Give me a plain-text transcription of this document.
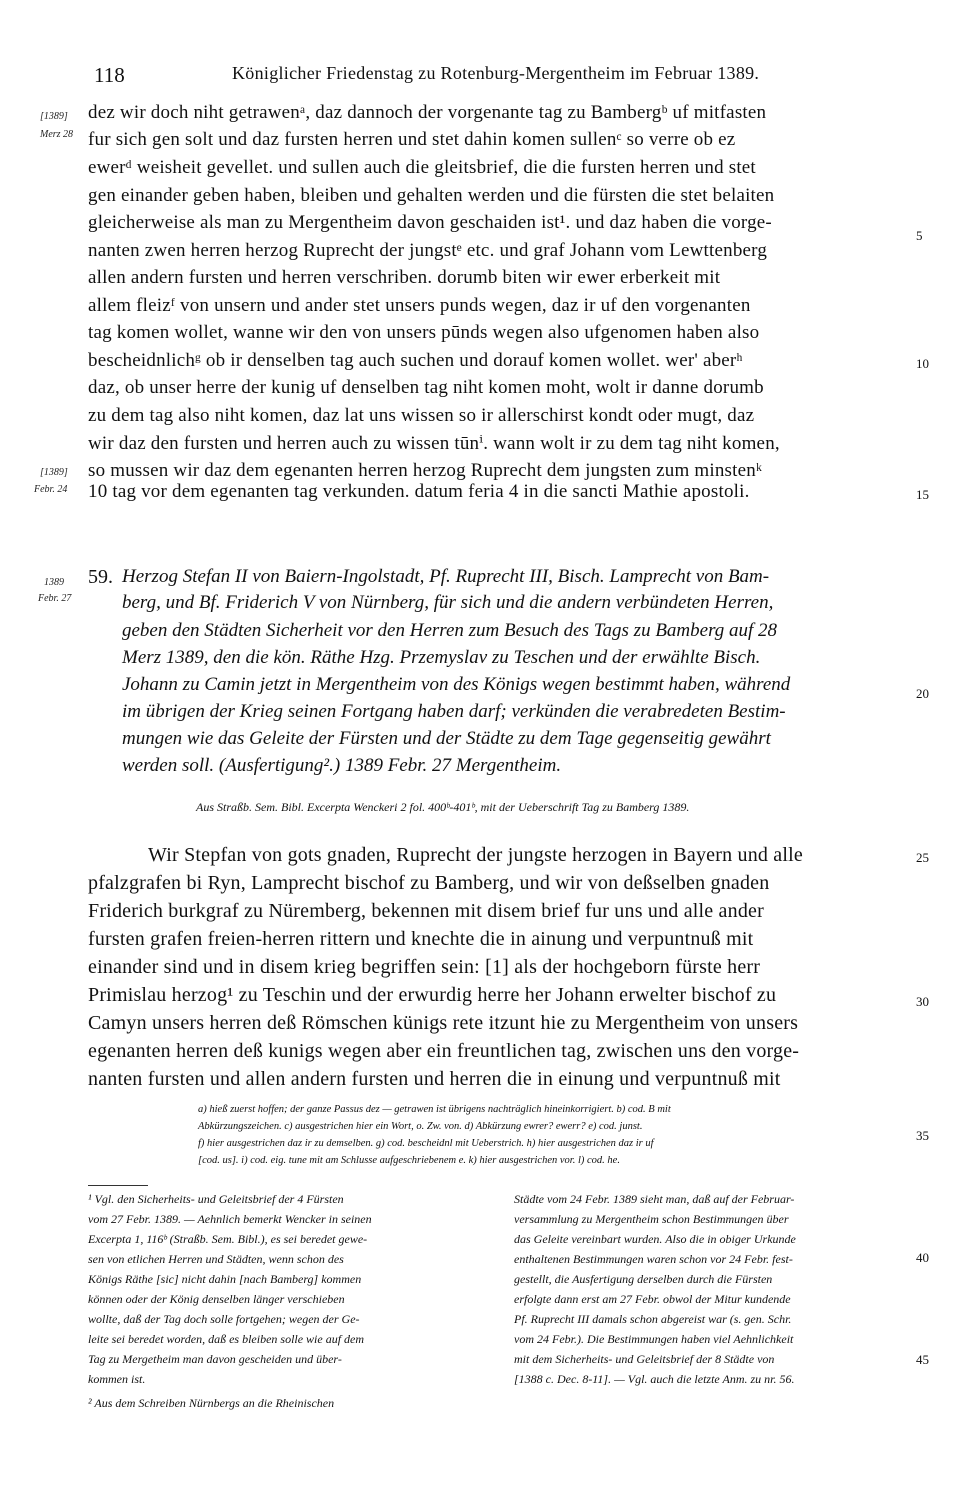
118	Königlicher Friedenstag zu Rotenburg-Mergentheim im Februar 1389.
[1389]
Merz 28
[1389]
Febr. 24
1389
Febr. 27
5
10
15
20
25
30
35
40
45
dez wir doch niht getrawenᵃ, daz dannoch der vorgenante tag zu Bambergᵇ uf mitfasten
fur sich gen solt und daz fursten herren und stet dahin komen sullenᶜ so verre ob ez
ewerᵈ weisheit gevellet. und sullen auch die gleitsbrief, die die fursten herren und stet
gen einander geben haben, bleiben und gehalten werden und die fürsten die stet belaiten
gleicherweise als man zu Mergentheim davon geschaiden ist¹. und daz haben die vorge-
nanten zwen herren herzog Ruprecht der jungstᵉ etc. und graf Johann vom Lewttenberg
allen andern fursten und herren verschriben. dorumb biten wir ewer erberkeit mit
allem fleizᶠ von unsern und ander stet unsers punds wegen, daz ir uf den vorgenanten
tag komen wollet, wanne wir den von unsers pūnds wegen also ufgenomen haben also
bescheidnlichᵍ ob ir denselben tag auch suchen und dorauf komen wollet. wer' aberʰ
daz, ob unser herre der kunig uf denselben tag niht komen moht, wolt ir danne dorumb
zu dem tag also niht komen, daz lat uns wissen so ir allerschirst kondt oder mugt, daz
wir daz den fursten und herren auch zu wissen tūnⁱ. wann wolt ir zu dem tag niht komen,
so mussen wir daz dem egenanten herren herzog Ruprecht dem jungsten zum minstenᵏ
10 tag vor dem egenanten tag verkunden. datum feria 4 in die sancti Mathie apostoli.
59. Herzog Stefan II von Baiern-Ingolstadt, Pf. Ruprecht III, Bisch. Lamprecht von Bam-
berg, und Bf. Friderich V von Nürnberg, für sich und die andern verbündeten Herren,
geben den Städten Sicherheit vor den Herren zum Besuch des Tags zu Bamberg auf 28
Merz 1389, den die kön. Räthe Hzg. Przemyslav zu Teschen und der erwählte Bisch.
Johann zu Camin jetzt in Mergentheim von des Königs wegen bestimmt haben, während
im übrigen der Krieg seinen Fortgang haben darf; verkünden die verabredeten Bestim-
mungen wie das Geleite der Fürsten und der Städte zu dem Tage gegenseitig gewährt
werden soll. (Ausfertigung².) 1389 Febr. 27 Mergentheim.
Aus Straßb. Sem. Bibl. Excerpta Wenckeri 2 fol. 400ᵇ-401ᵇ, mit der Ueberschrift Tag zu Bamberg 1389.
Wir Stepfan von gots gnaden, Ruprecht der jungste herzogen in Bayern und alle
pfalzgrafen bi Ryn, Lamprecht bischof zu Bamberg, und wir von deßselben gnaden
Friderich burkgraf zu Nüremberg, bekennen mit disem brief fur uns und alle ander
fursten grafen freien-herren rittern und knechte die in ainung und verpuntnuß mit
einander sind und in disem krieg begriffen sein: [1] als der hochgeborn fürste herr
Primislau herzog¹ zu Teschin und der erwurdig herre her Johann erwelter bischof zu
Camyn unsers herren deß Römschen künigs rete itzunt hie zu Mergentheim von unsers
egenanten herren deß kunigs wegen aber ein freuntlichen tag, zwischen uns den vorge-
nanten fursten und allen andern fursten und herren die in einung und verpuntnuß mit
a) hieß zuerst hoffen; der ganze Passus dez — getrawen ist übrigens nachträglich hineinkorrigiert. b) cod. B mit
Abkürzungszeichen. c) ausgestrichen hier ein Wort, o. Zw. von. d) Abkürzung ewrer? ewerr? e) cod. junst.
f) hier ausgestrichen daz ir zu demselben. g) cod. bescheidnl mit Ueberstrich. h) hier ausgestrichen daz ir uf
[cod. us]. i) cod. eig. tune mit am Schlusse aufgeschriebenem e. k) hier ausgestrichen vor. l) cod. he.
¹ Vgl. den Sicherheits- und Geleitsbrief der 4 Fürsten
vom 27 Febr. 1389. — Aehnlich bemerkt Wencker in seinen
Excerpta 1, 116ᵇ (Straßb. Sem. Bibl.), es sei beredet gewe-
sen von etlichen Herren und Städten, wenn schon des
Königs Räthe [sic] nicht dahin [nach Bamberg] kommen
können oder der König denselben länger verschieben
wollte, daß der Tag doch solle fortgehen; wegen der Ge-
leite sei beredet worden, daß es bleiben solle wie auf dem
Tag zu Mergetheim man davon gescheiden und über-
kommen ist.
² Aus dem Schreiben Nürnbergs an die Rheinischen
Städte vom 24 Febr. 1389 sieht man, daß auf der Februar-
versammlung zu Mergentheim schon Bestimmungen über
das Geleite vereinbart wurden. Also die in obiger Urkunde
enthaltenen Bestimmungen waren schon vor 24 Febr. fest-
gestellt, die Ausfertigung derselben durch die Fürsten
erfolgte dann erst am 27 Febr. obwol der Mitur kundende
Pf. Ruprecht III damals schon abgereist war (s. gen. Schr.
vom 24 Febr.). Die Bestimmungen haben viel Aehnlichkeit
mit dem Sicherheits- und Geleitsbrief der 8 Städte von
[1388 c. Dec. 8-11]. — Vgl. auch die letzte Anm. zu nr. 56.
